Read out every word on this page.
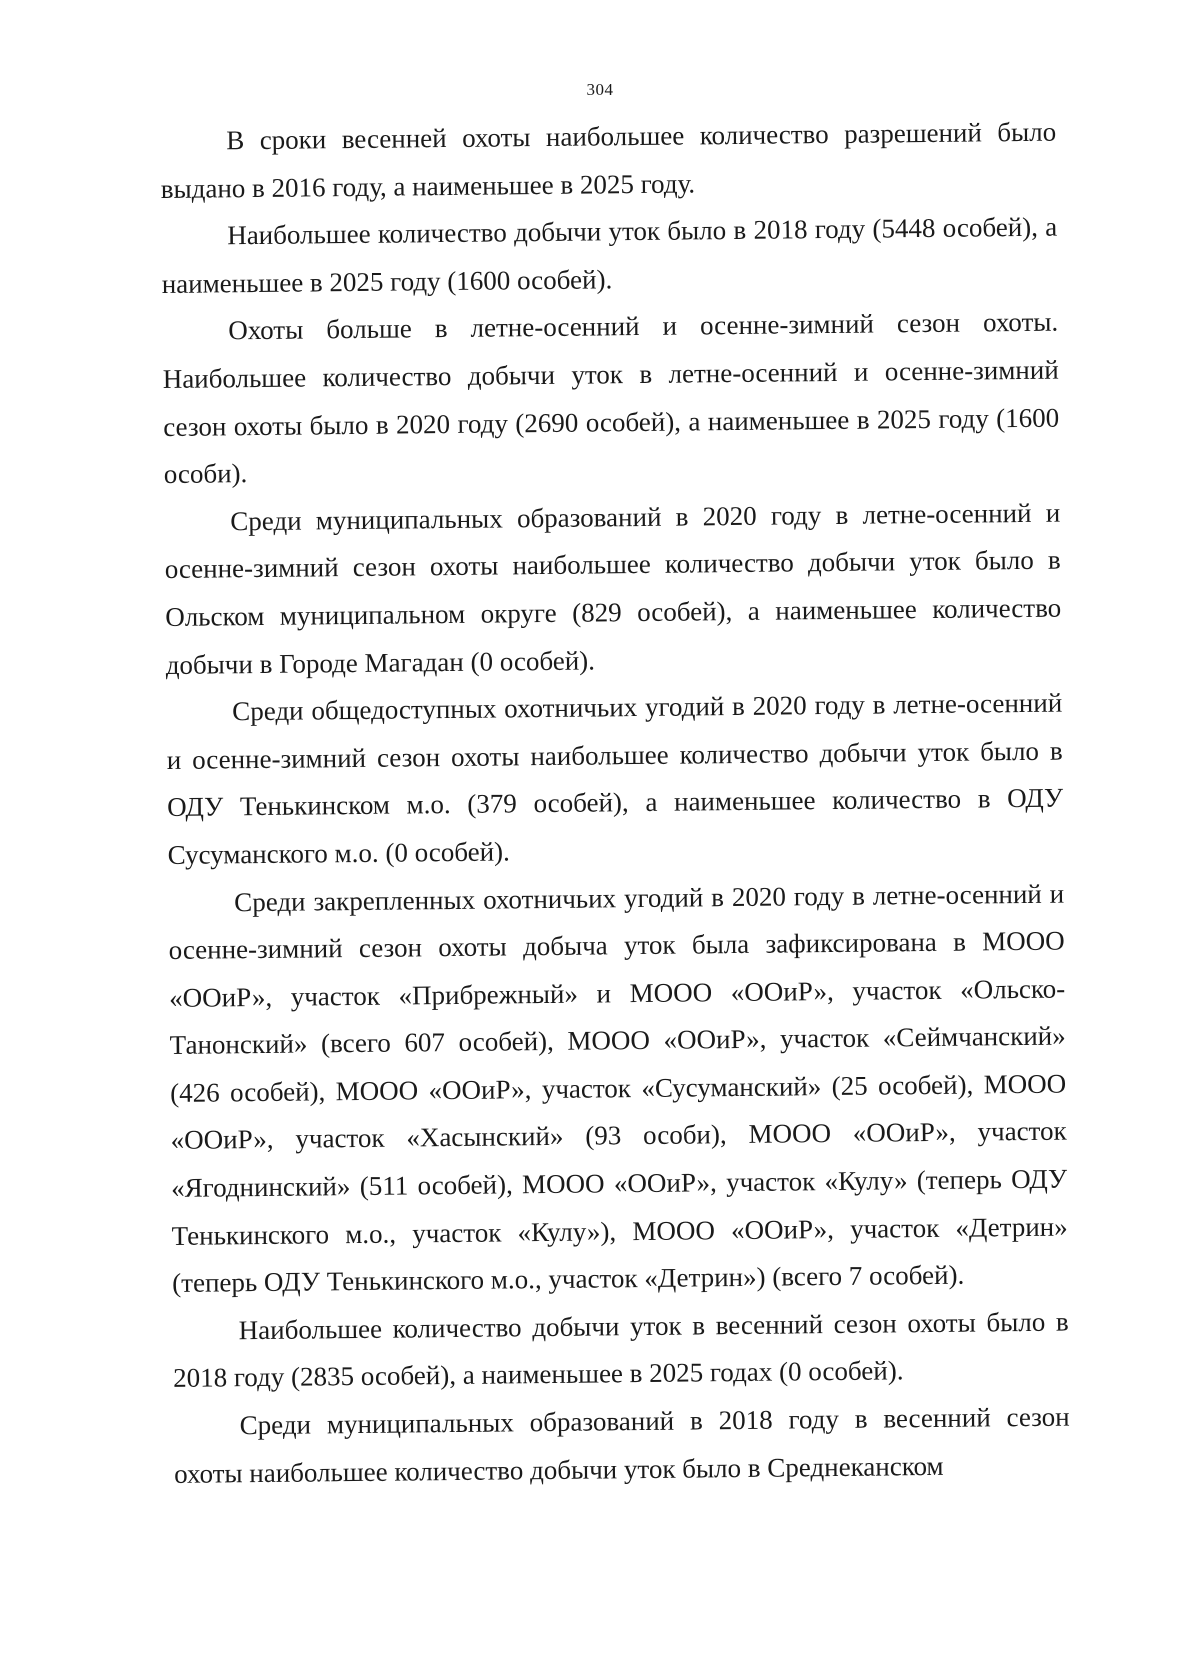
304

В сроки весенней охоты наибольшее количество разрешений было выдано в 2016 году, а наименьшее в 2025 году.

Наибольшее количество добычи уток было в 2018 году (5448 особей), а наименьшее в 2025 году (1600 особей).

Охоты больше в летне-осенний и осенне-зимний сезон охоты. Наибольшее количество добычи уток в летне-осенний и осенне-зимний сезон охоты было в 2020 году (2690 особей), а наименьшее в 2025 году (1600 особи).

Среди муниципальных образований в 2020 году в летне-осенний и осенне-зимний сезон охоты наибольшее количество добычи уток было в Ольском муниципальном округе (829 особей), а наименьшее количество добычи в Городе Магадан (0 особей).

Среди общедоступных охотничьих угодий в 2020 году в летне-осенний и осенне-зимний сезон охоты наибольшее количество добычи уток было в ОДУ Тенькинском м.о. (379 особей), а наименьшее количество в ОДУ Сусуманского м.о. (0 особей).

Среди закрепленных охотничьих угодий в 2020 году в летне-осенний и осенне-зимний сезон охоты добыча уток была зафиксирована в МООО «ООиР», участок «Прибрежный» и МООО «ООиР», участок «Ольско-Танонский» (всего 607 особей), МООО «ООиР», участок «Сеймчанский» (426 особей), МООО «ООиР», участок «Сусуманский» (25 особей), МООО «ООиР», участок «Хасынский» (93 особи), МООО «ООиР», участок «Ягоднинский» (511 особей), МООО «ООиР», участок «Кулу» (теперь ОДУ Тенькинского м.о., участок «Кулу»), МООО «ООиР», участок «Детрин» (теперь ОДУ Тенькинского м.о., участок «Детрин») (всего 7 особей).

Наибольшее количество добычи уток в весенний сезон охоты было в 2018 году (2835 особей), а наименьшее в 2025 годах (0 особей).

Среди муниципальных образований в 2018 году в весенний сезон охоты наибольшее количество добычи уток было в Среднеканском
